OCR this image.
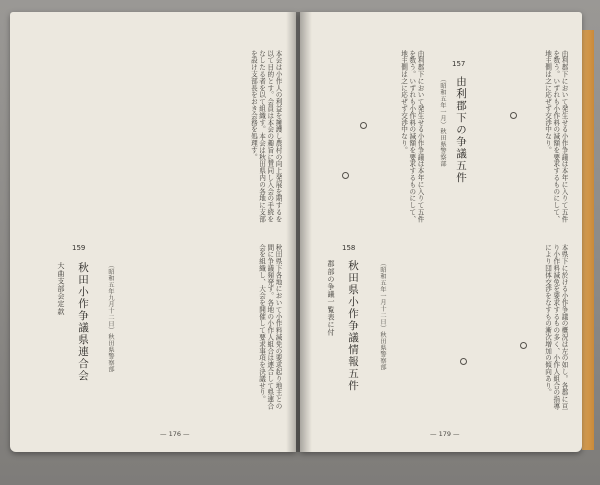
本会は小作人の利益を擁護し農村の向上発展を期するを以て目的とす。会員は本会の趣旨に賛同し入会の手続をなしたる者を以て組織す。本会は秋田県内の各地に支部を設け支部長をおき会務を処理す。
159
秋田小作争議県連合会
大曲支部会定款	（昭和五年九月十二日）秋田県警察部	秋田県下各地において小作料減免の要求起り地主との間に争議頻発す。各地の小作人組合は連合して県連合会を組織し、大会を開催して要求事項を決議せり。
— 176 —
由利郡下において発生せる小作争議は本年に入りて五件を数う。いずれも小作料の減額を要求するものにして、地主側は之に応ぜず交渉中なり。
157
由利郡下の争議五件
（昭和五年一月）秋田県警察部
由利郡下において発生せる小作争議は本年に入りて五件を数う。いずれも小作料の減額を要求するものにして、地主側は之に応ぜず交渉中なり。
158
秋田県小作争議情報五件
郡部の争議一覧表に付	（昭和五年一月十二日）秋田県警察部	本県下に於ける小作争議の概況は左の如し。各郡に亘り小作料減免を要求するもの多く、小作人組合の指導により団体交渉をなすもの漸次増加の傾向あり。
— 179 —
